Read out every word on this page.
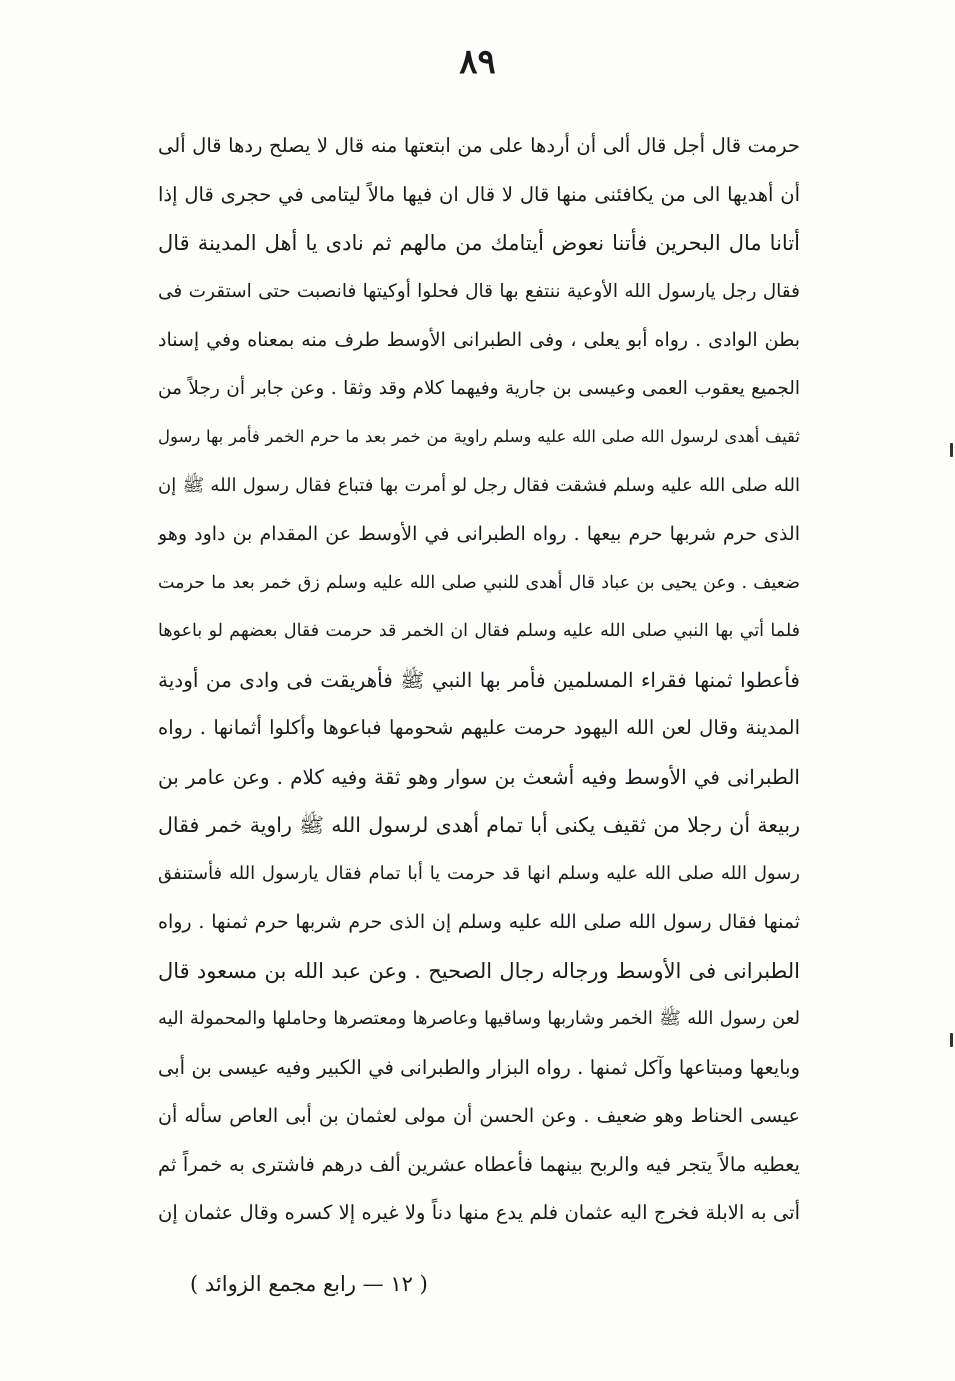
٨٩
حرمت قال أجل قال ألى أن أردها على من ابتعتها منه قال لا يصلح ردها قال ألى
أن أهديها الى من يكافئنى منها قال لا قال ان فيها مالاً ليتامى في حجرى قال إذا
أتانا مال البحرين فأتنا نعوض أيتامك من مالهم ثم نادى يا أهل المدينة قال
فقال رجل يارسول الله الأوعية ننتفع بها قال فحلوا أوكيتها فانصبت حتى استقرت فى
بطن الوادى . رواه أبو يعلى ، وفى الطبرانى الأوسط طرف منه بمعناه وفي إسناد
الجميع يعقوب العمى وعيسى بن جارية وفيهما كلام وقد وثقا . وعن جابر أن رجلاً من
ثقيف أهدى لرسول الله صلى الله عليه وسلم راوية من خمر بعد ما حرم الخمر فأمر بها رسول
الله صلى الله عليه وسلم فشقت فقال رجل لو أمرت بها فتباع فقال رسول الله ﷺ إن
الذى حرم شربها حرم بيعها . رواه الطبرانى في الأوسط عن المقدام بن داود وهو
ضعيف . وعن يحيى بن عباد قال أهدى للنبي صلى الله عليه وسلم زق خمر بعد ما حرمت
فلما أتي بها النبي صلى الله عليه وسلم فقال ان الخمر قد حرمت فقال بعضهم لو باعوها
فأعطوا ثمنها فقراء المسلمين فأمر بها النبي ﷺ فأهريقت فى وادى من أودية
المدينة وقال لعن الله اليهود حرمت عليهم شحومها فباعوها وأكلوا أثمانها . رواه
الطبرانى في الأوسط وفيه أشعث بن سوار وهو ثقة وفيه كلام . وعن عامر بن
ربيعة أن رجلا من ثقيف يكنى أبا تمام أهدى لرسول الله ﷺ راوية خمر فقال
رسول الله صلى الله عليه وسلم انها قد حرمت يا أبا تمام فقال يارسول الله فأستنفق
ثمنها فقال رسول الله صلى الله عليه وسلم إن الذى حرم شربها حرم ثمنها . رواه
الطبرانى فى الأوسط ورجاله رجال الصحيح . وعن عبد الله بن مسعود قال
لعن رسول الله ﷺ الخمر وشاربها وساقيها وعاصرها ومعتصرها وحاملها والمحمولة اليه
وبايعها ومبتاعها وآكل ثمنها . رواه البزار والطبرانى في الكبير وفيه عيسى بن أبى
عيسى الحناط وهو ضعيف . وعن الحسن أن مولى لعثمان بن أبى العاص سأله أن
يعطيه مالاً يتجر فيه والربح بينهما فأعطاه عشرين ألف درهم فاشترى به خمراً ثم
أتى به الابلة فخرج اليه عثمان فلم يدع منها دناً ولا غيره إلا كسره وقال عثمان إن
( ١٢ — رابع مجمع الزوائد )
